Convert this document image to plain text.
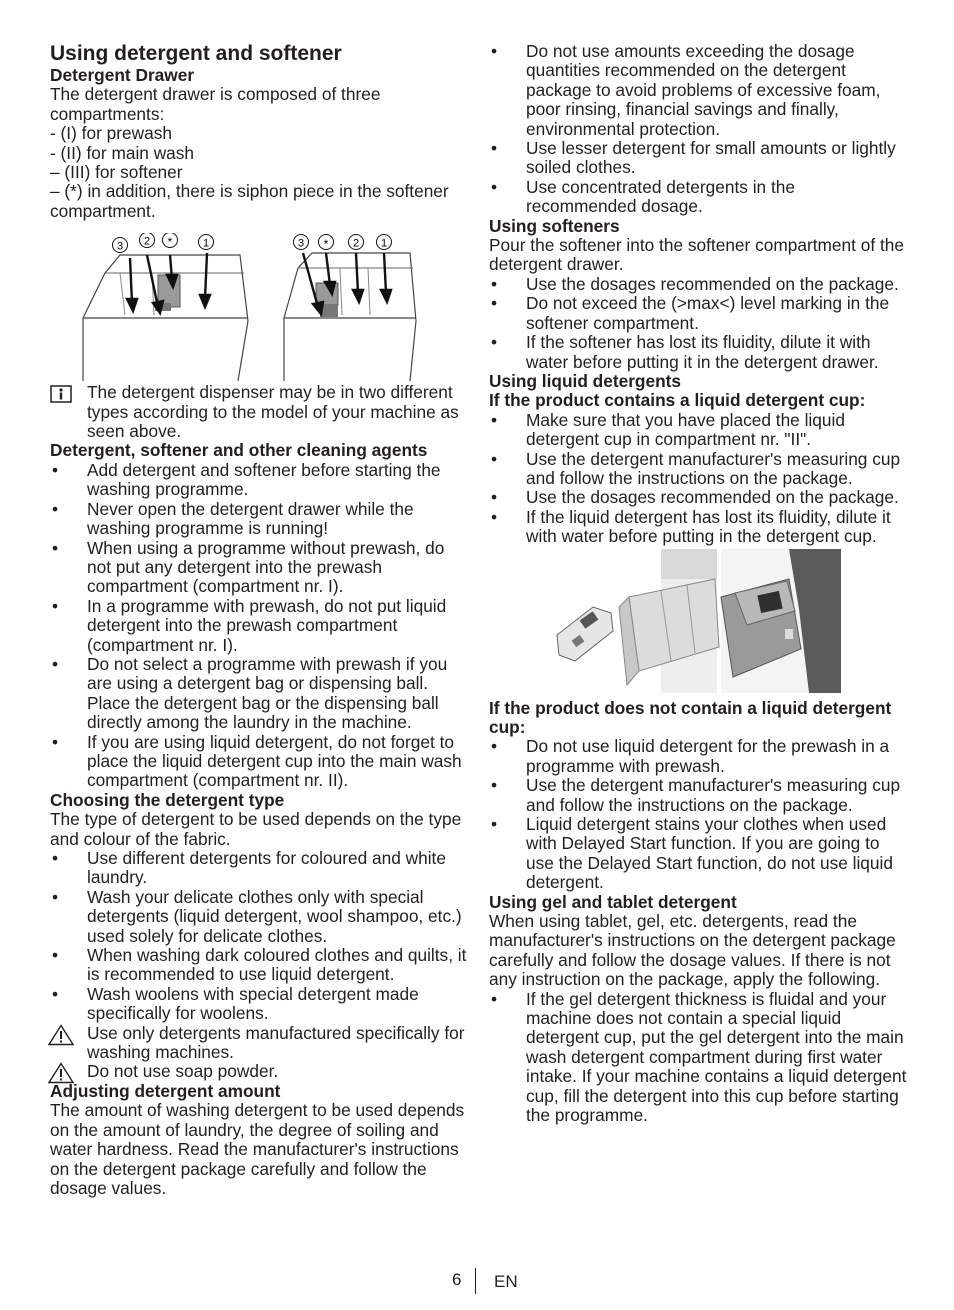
Using detergent and softener
Detergent Drawer

The detergent drawer is composed of three compartments:

- (I) for prewash

- (II) for main wash

– (III) for softener

– (*) in addition, there is siphon piece in the softener compartment.

3 2 *	1	3 * 2 1
The detergent dispenser may be in two different types according to the model of your machine as seen above.
Detergent, softener and other cleaning agents
• Add detergent and softener before starting the washing programme.
• Never open the detergent drawer while the washing programme is running!
• When using a programme without prewash, do not put any detergent into the prewash compartment (compartment nr. I).
• In a programme with prewash, do not put liquid detergent into the prewash compartment (compartment nr. I).
• Do not select a programme with prewash if you are using a detergent bag or dispensing ball. Place the detergent bag or the dispensing ball directly among the laundry in the machine.
• If you are using liquid detergent, do not forget to place the liquid detergent cup into the main wash compartment (compartment nr. II).
Choosing the detergent type

The type of detergent to be used depends on the type and colour of the fabric.

• Use different detergents for coloured and white laundry.
• Wash your delicate clothes only with special detergents (liquid detergent, wool shampoo, etc.) used solely for delicate clothes.
• When washing dark coloured clothes and quilts, it is recommended to use liquid detergent.
• Wash woolens with special detergent made specifically for woolens.
Use only detergents manufactured specifically for washing machines.
Do not use soap powder.
Adjusting detergent amount

The amount of washing detergent to be used depends on the amount of laundry, the degree of soiling and water hardness. Read the manufacturer's instructions on the detergent package carefully and follow the dosage values.

• Do not use amounts exceeding the dosage quantities recommended on the detergent package to avoid problems of excessive foam, poor rinsing, financial savings and finally, environmental protection.
• Use lesser detergent for small amounts or lightly soiled clothes.
• Use concentrated detergents in the recommended dosage.
Using softeners

Pour the softener into the softener compartment of the detergent drawer.

• Use the dosages recommended on the package.
• Do not exceed the (>max<) level marking in the softener compartment.
• If the softener has lost its fluidity, dilute it with water before putting it in the detergent drawer.
Using liquid detergents
If the product contains a liquid detergent cup:
• Make sure that you have placed the liquid detergent cup in compartment nr. "II".
• Use the detergent manufacturer's measuring cup and follow the instructions on the package.
• Use the dosages recommended on the package.
• If the liquid detergent has lost its fluidity, dilute it with water before putting in the detergent cup.
If the product does not contain a liquid detergent cup:
• Do not use liquid detergent for the prewash in a programme with prewash.
• Use the detergent manufacturer's measuring cup and follow the instructions on the package.
• Liquid detergent stains your clothes when used with Delayed Start function. If you are going to use the Delayed Start function, do not use liquid detergent.
Using gel and tablet detergent

When using tablet, gel, etc. detergents, read the manufacturer's instructions on the detergent package carefully and follow the dosage values. If there is not any instruction on the package, apply the following.

• If the gel detergent thickness is fluidal and your machine does not contain a special liquid detergent cup, put the gel detergent into the main wash detergent compartment during first water intake. If your machine contains a liquid detergent cup, fill the detergent into this cup before starting the programme.
6 EN
